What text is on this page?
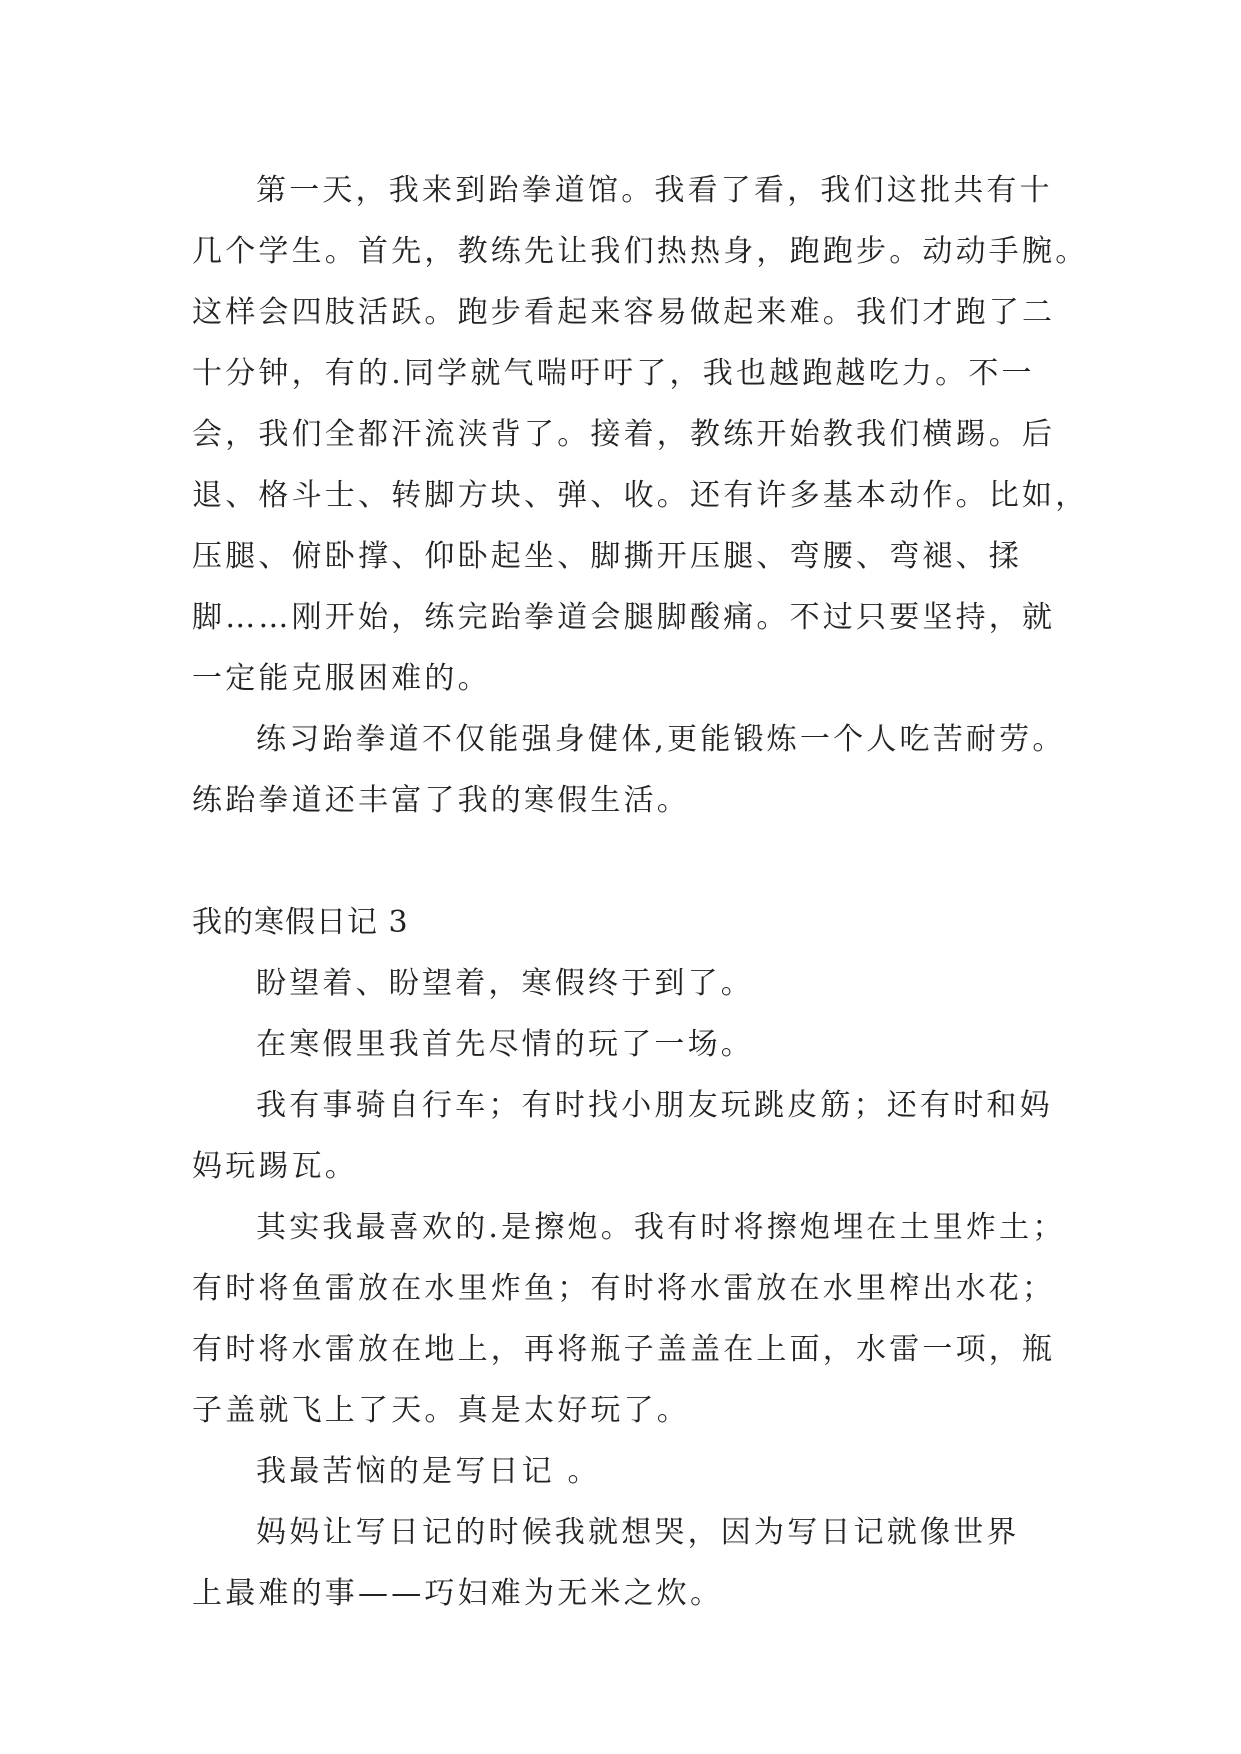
第一天，我来到跆拳道馆。我看了看，我们这批共有十
几个学生。首先，教练先让我们热热身，跑跑步。动动手腕。
这样会四肢活跃。跑步看起来容易做起来难。我们才跑了二
十分钟，有的.同学就气喘吁吁了，我也越跑越吃力。不一
会，我们全都汗流浃背了。接着，教练开始教我们横踢。后
退、格斗士、转脚方块、弹、收。还有许多基本动作。比如，
压腿、俯卧撑、仰卧起坐、脚撕开压腿、弯腰、弯褪、揉
脚……刚开始，练完跆拳道会腿脚酸痛。不过只要坚持，就
一定能克服困难的。
练习跆拳道不仅能强身健体,更能锻炼一个人吃苦耐劳。
练跆拳道还丰富了我的寒假生活。
我的寒假日记 3
盼望着、盼望着，寒假终于到了。
在寒假里我首先尽情的玩了一场。
我有事骑自行车；有时找小朋友玩跳皮筋；还有时和妈
妈玩踢瓦。
其实我最喜欢的.是擦炮。我有时将擦炮埋在土里炸土；
有时将鱼雷放在水里炸鱼；有时将水雷放在水里榨出水花；
有时将水雷放在地上，再将瓶子盖盖在上面，水雷一项，瓶
子盖就飞上了天。真是太好玩了。
我最苦恼的是写日记 。
妈妈让写日记的时候我就想哭，因为写日记就像世界
上最难的事——巧妇难为无米之炊。
